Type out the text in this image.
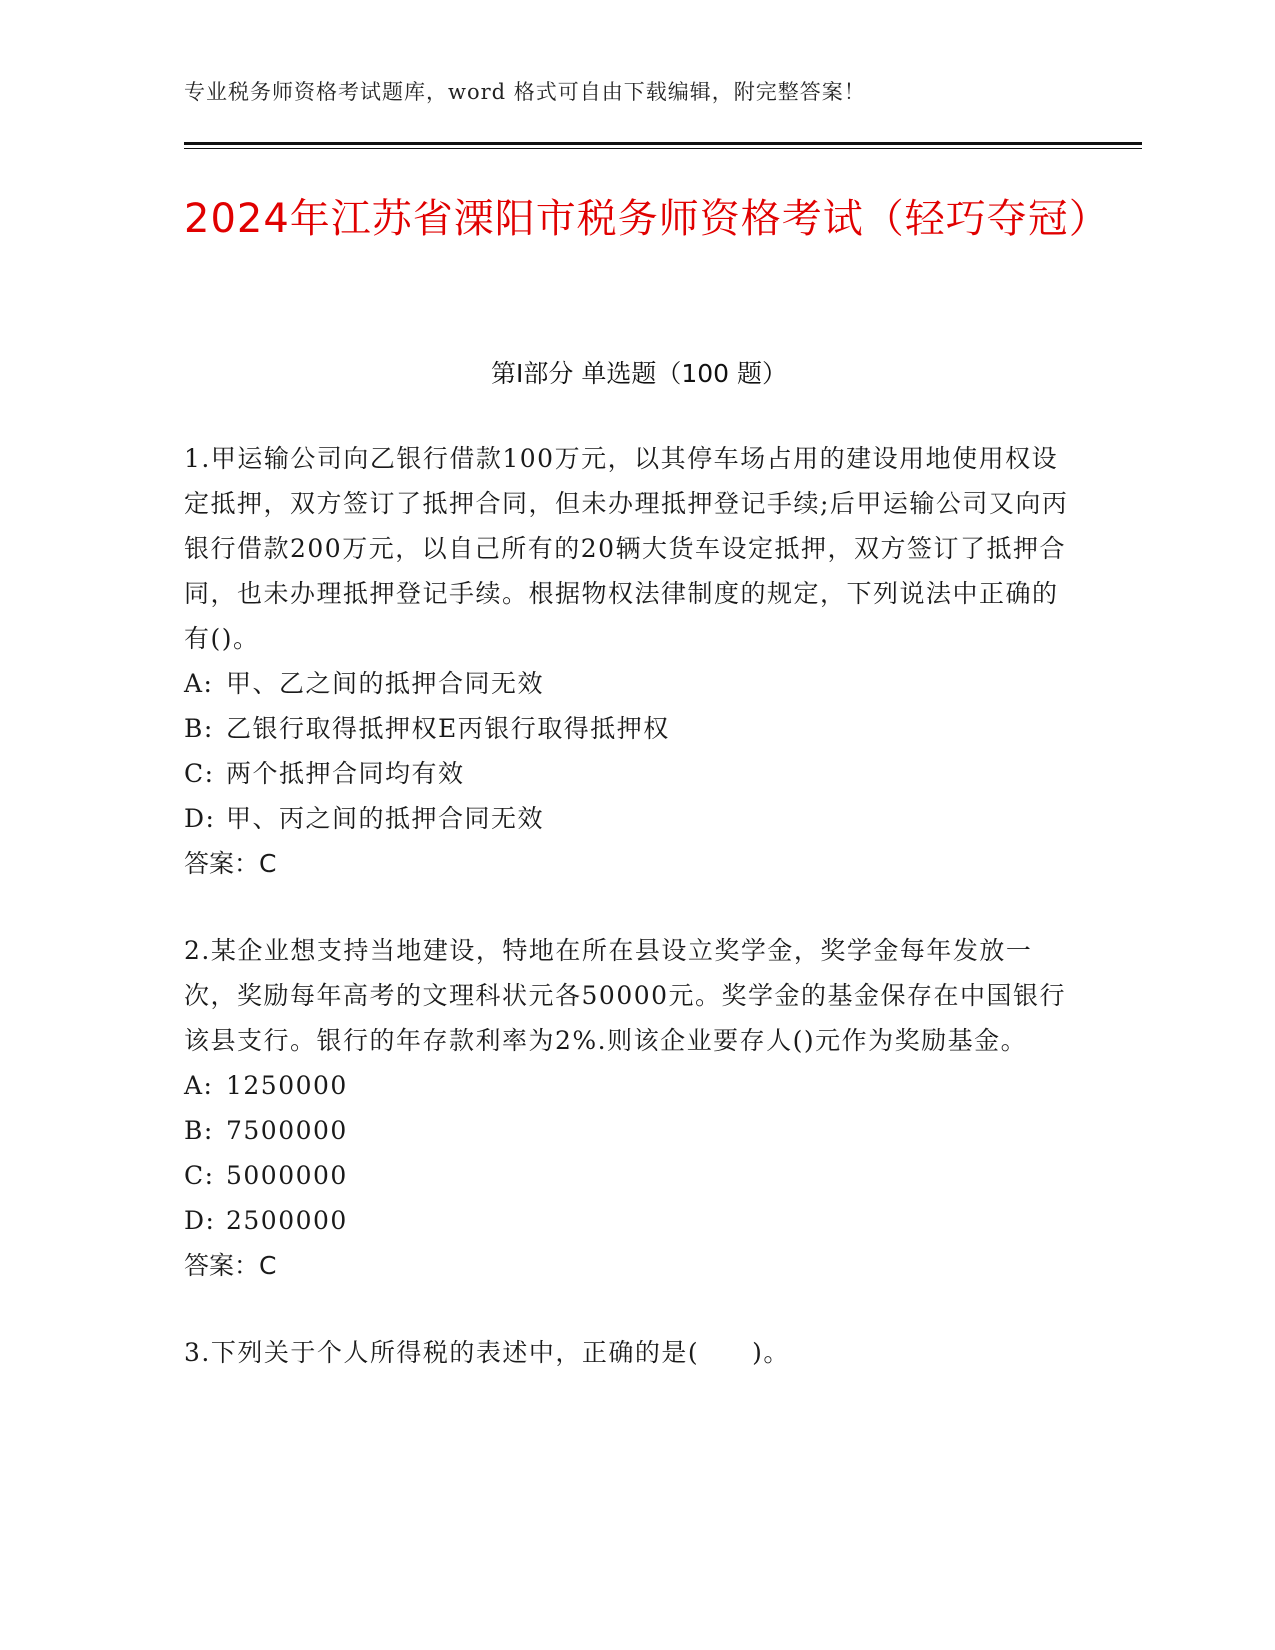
专业税务师资格考试题库，word 格式可自由下载编辑，附完整答案！
2024年江苏省溧阳市税务师资格考试（轻巧夺冠）
第Ⅰ部分 单选题（100 题）

1.甲运输公司向乙银行借款100万元，以其停车场占用的建设用地使用权设定抵押，双方签订了抵押合同，但未办理抵押登记手续;后甲运输公司又向丙银行借款200万元，以自己所有的20辆大货车设定抵押，双方签订了抵押合同，也未办理抵押登记手续。根据物权法律制度的规定，下列说法中正确的有()。

A: 甲、乙之间的抵押合同无效

B: 乙银行取得抵押权E丙银行取得抵押权

C: 两个抵押合同均有效

D: 甲、丙之间的抵押合同无效

答案：C

2.某企业想支持当地建设，特地在所在县设立奖学金，奖学金每年发放一次，奖励每年高考的文理科状元各50000元。奖学金的基金保存在中国银行该县支行。银行的年存款利率为2%.则该企业要存人()元作为奖励基金。

A: 1250000

B: 7500000

C: 5000000

D: 2500000

答案：C

3.下列关于个人所得税的表述中，正确的是(　　)。
